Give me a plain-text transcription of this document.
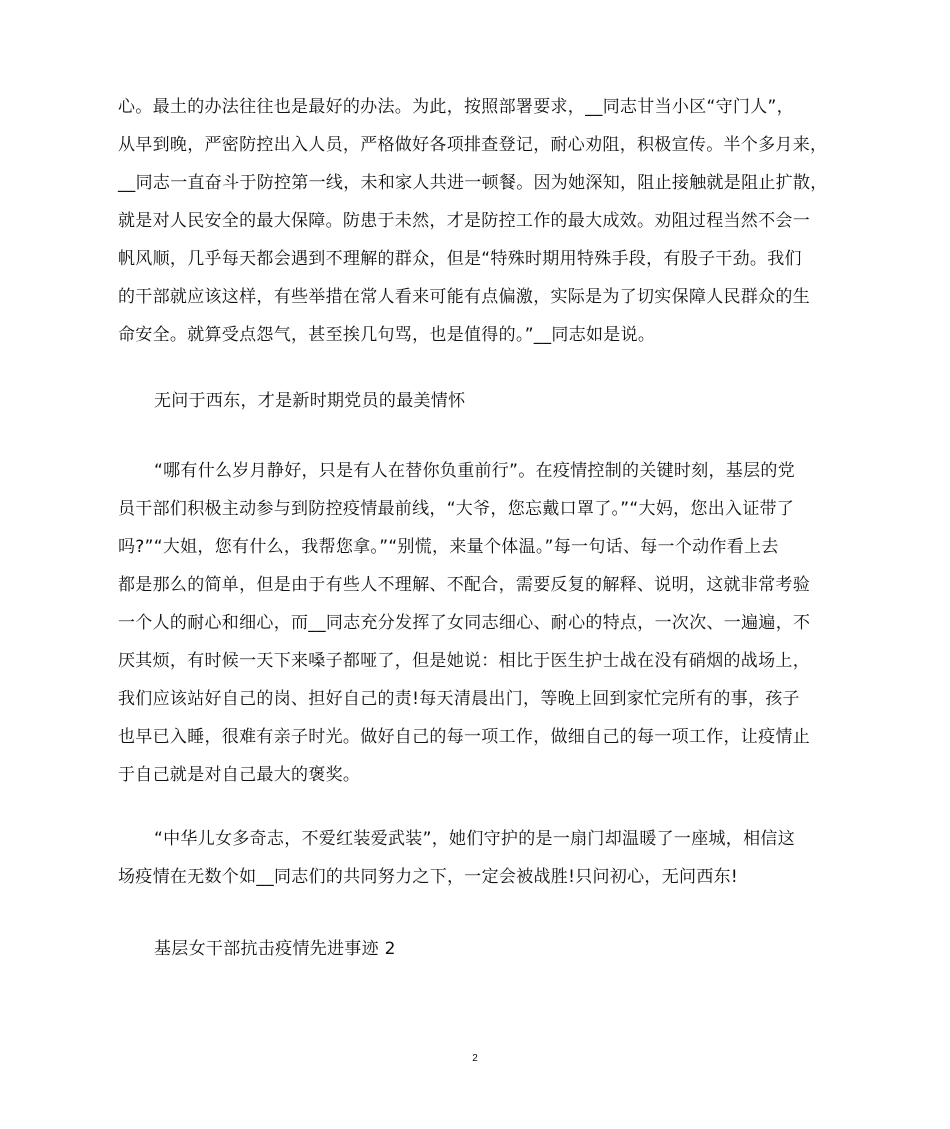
心。最土的办法往往也是最好的办法。为此，按照部署要求，__同志甘当小区“守门人”，
从早到晚，严密防控出入人员，严格做好各项排查登记，耐心劝阻，积极宣传。半个多月来，
__同志一直奋斗于防控第一线，未和家人共进一顿餐。因为她深知，阻止接触就是阻止扩散，
就是对人民安全的最大保障。防患于未然，才是防控工作的最大成效。劝阻过程当然不会一
帆风顺，几乎每天都会遇到不理解的群众，但是“特殊时期用特殊手段，有股子干劲。我们
的干部就应该这样，有些举措在常人看来可能有点偏激，实际是为了切实保障人民群众的生
命安全。就算受点怨气，甚至挨几句骂，也是值得的。”__同志如是说。
无问于西东，才是新时期党员的最美情怀
“哪有什么岁月静好，只是有人在替你负重前行”。在疫情控制的关键时刻，基层的党
员干部们积极主动参与到防控疫情最前线，“大爷，您忘戴口罩了。”“大妈，您出入证带了
吗?”“大姐，您有什么，我帮您拿。”“别慌，来量个体温。”每一句话、每一个动作看上去
都是那么的简单，但是由于有些人不理解、不配合，需要反复的解释、说明，这就非常考验
一个人的耐心和细心，而__同志充分发挥了女同志细心、耐心的特点，一次次、一遍遍，不
厌其烦，有时候一天下来嗓子都哑了，但是她说：相比于医生护士战在没有硝烟的战场上，
我们应该站好自己的岗、担好自己的责!每天清晨出门，等晚上回到家忙完所有的事，孩子
也早已入睡，很难有亲子时光。做好自己的每一项工作，做细自己的每一项工作，让疫情止
于自己就是对自己最大的褒奖。
“中华儿女多奇志，不爱红装爱武装”，她们守护的是一扇门却温暖了一座城，相信这
场疫情在无数个如__同志们的共同努力之下，一定会被战胜!只问初心，无问西东!
基层女干部抗击疫情先进事迹 2
2
